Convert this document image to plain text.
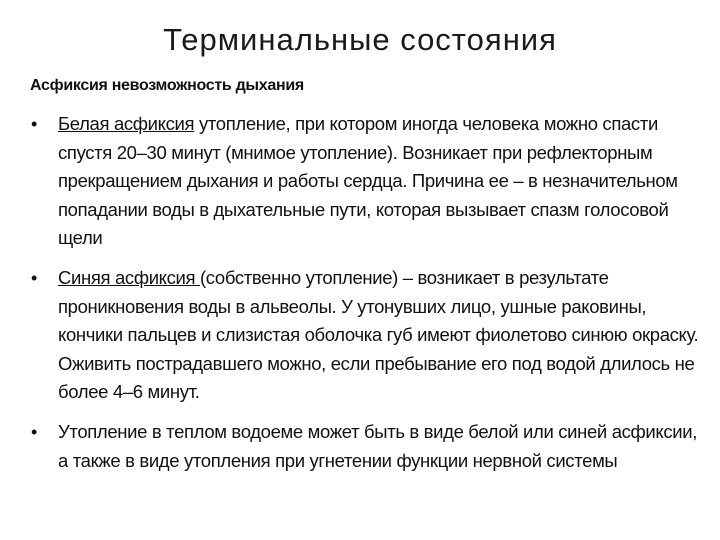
Терминальные состояния
Асфиксия невозможность дыхания
• Белая асфиксия утопление, при котором иногда человека можно спасти спустя 20–30 минут (мнимое утопление). Возникает при рефлекторным прекращением дыхания и работы сердца. Причина ее – в незначительном попадании воды в дыхательные пути, которая вызывает спазм голосовой щели
• Синяя асфиксия (собственно утопление) – возникает в результате проникновения воды в альвеолы. У утонувших лицо, ушные раковины, кончики пальцев и слизистая оболочка губ имеют фиолетово синюю окраску. Оживить пострадавшего можно, если пребывание его под водой длилось не более 4–6 минут.
• Утопление в теплом водоеме может быть в виде белой или синей асфиксии, а также в виде утопления при угнетении функции нервной системы
